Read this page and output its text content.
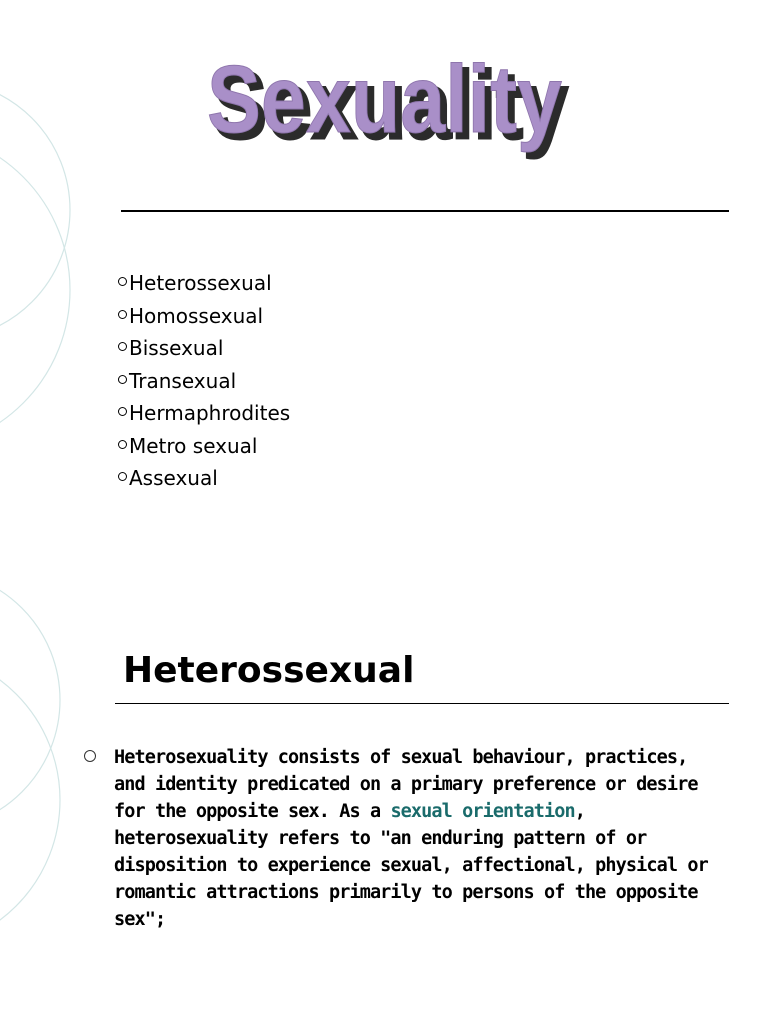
Sexuality
Sexuality
Heterossexual
Homossexual
Bissexual
Transexual
Hermaphrodites
Metro sexual
Assexual
Heterossexual

Heterosexuality consists of sexual behaviour, practices,
and identity predicated on a primary preference or desire
for the opposite sex. As a sexual orientation,
heterosexuality refers to "an enduring pattern of or
disposition to experience sexual, affectional, physical or
romantic attractions primarily to persons of the opposite
sex";
